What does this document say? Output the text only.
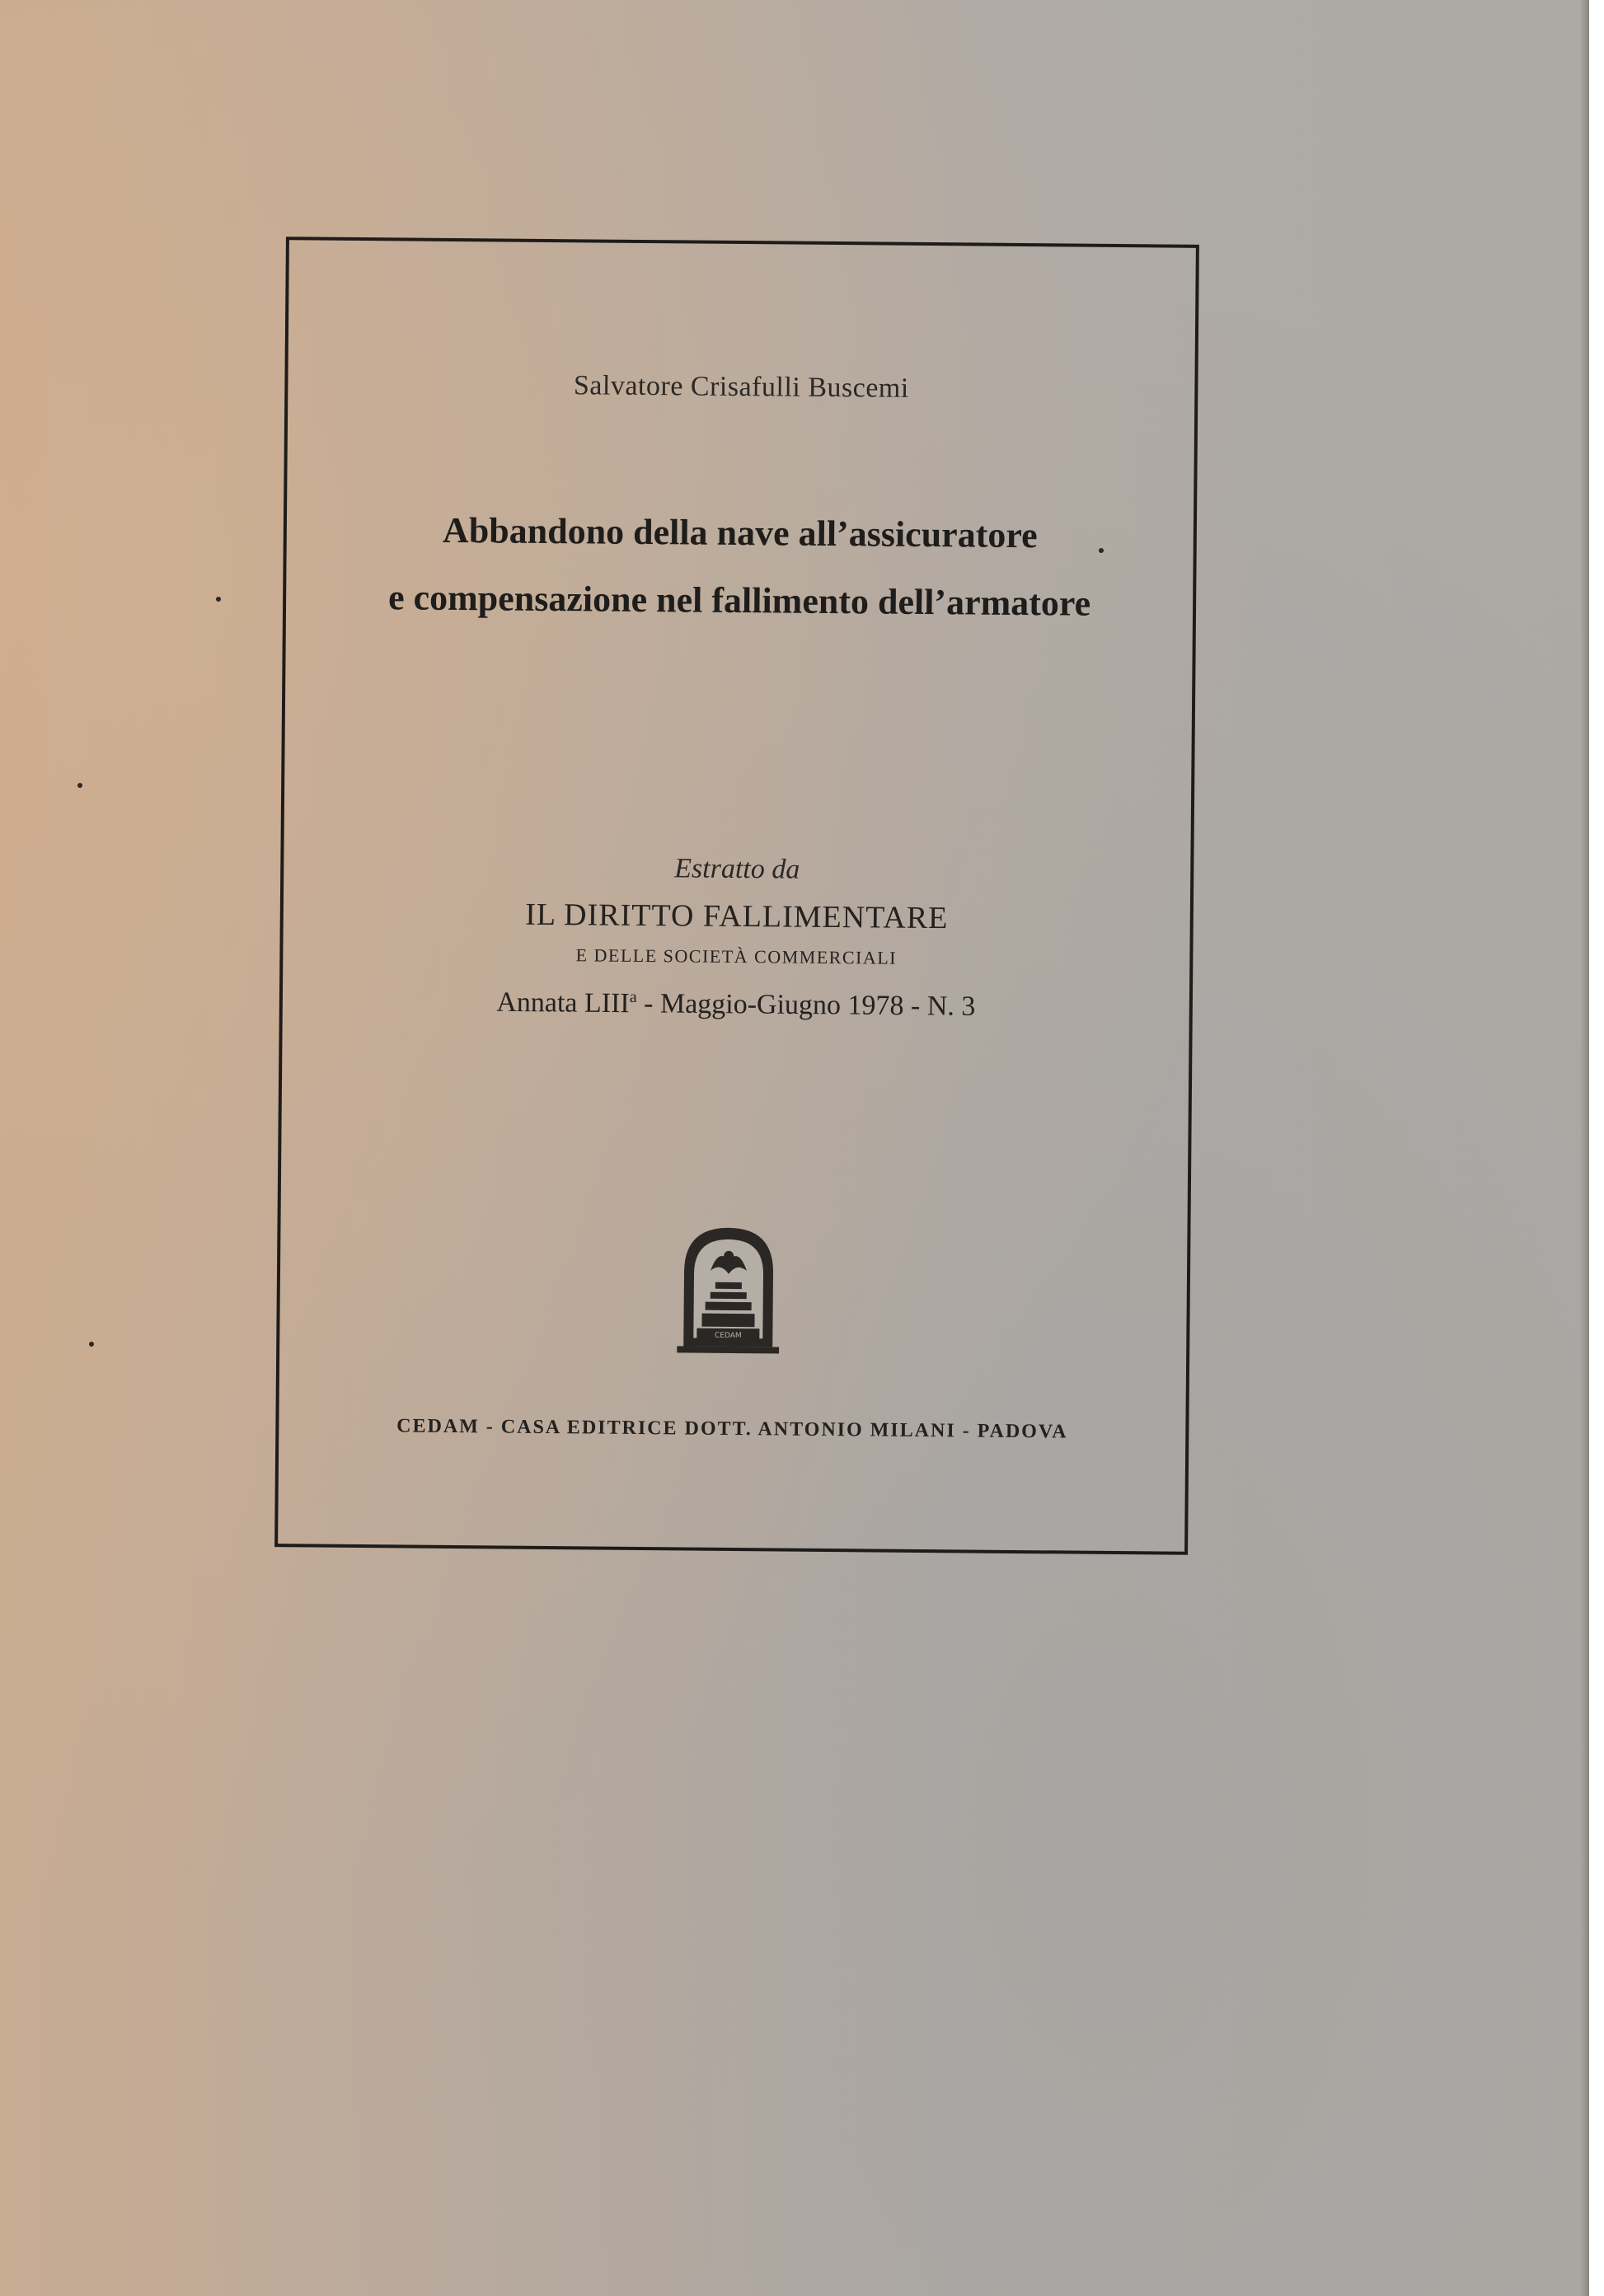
Salvatore Crisafulli Buscemi
Abbandono della nave all’assicuratore
e compensazione nel fallimento dell’armatore
Estratto da
IL DIRITTO FALLIMENTARE
E DELLE SOCIETÀ COMMERCIALI
Annata LIII$^a$ - Maggio-Giugno 1978 - N. 3
CEDAM
CEDAM - CASA EDITRICE DOTT. ANTONIO MILANI - PADOVA
